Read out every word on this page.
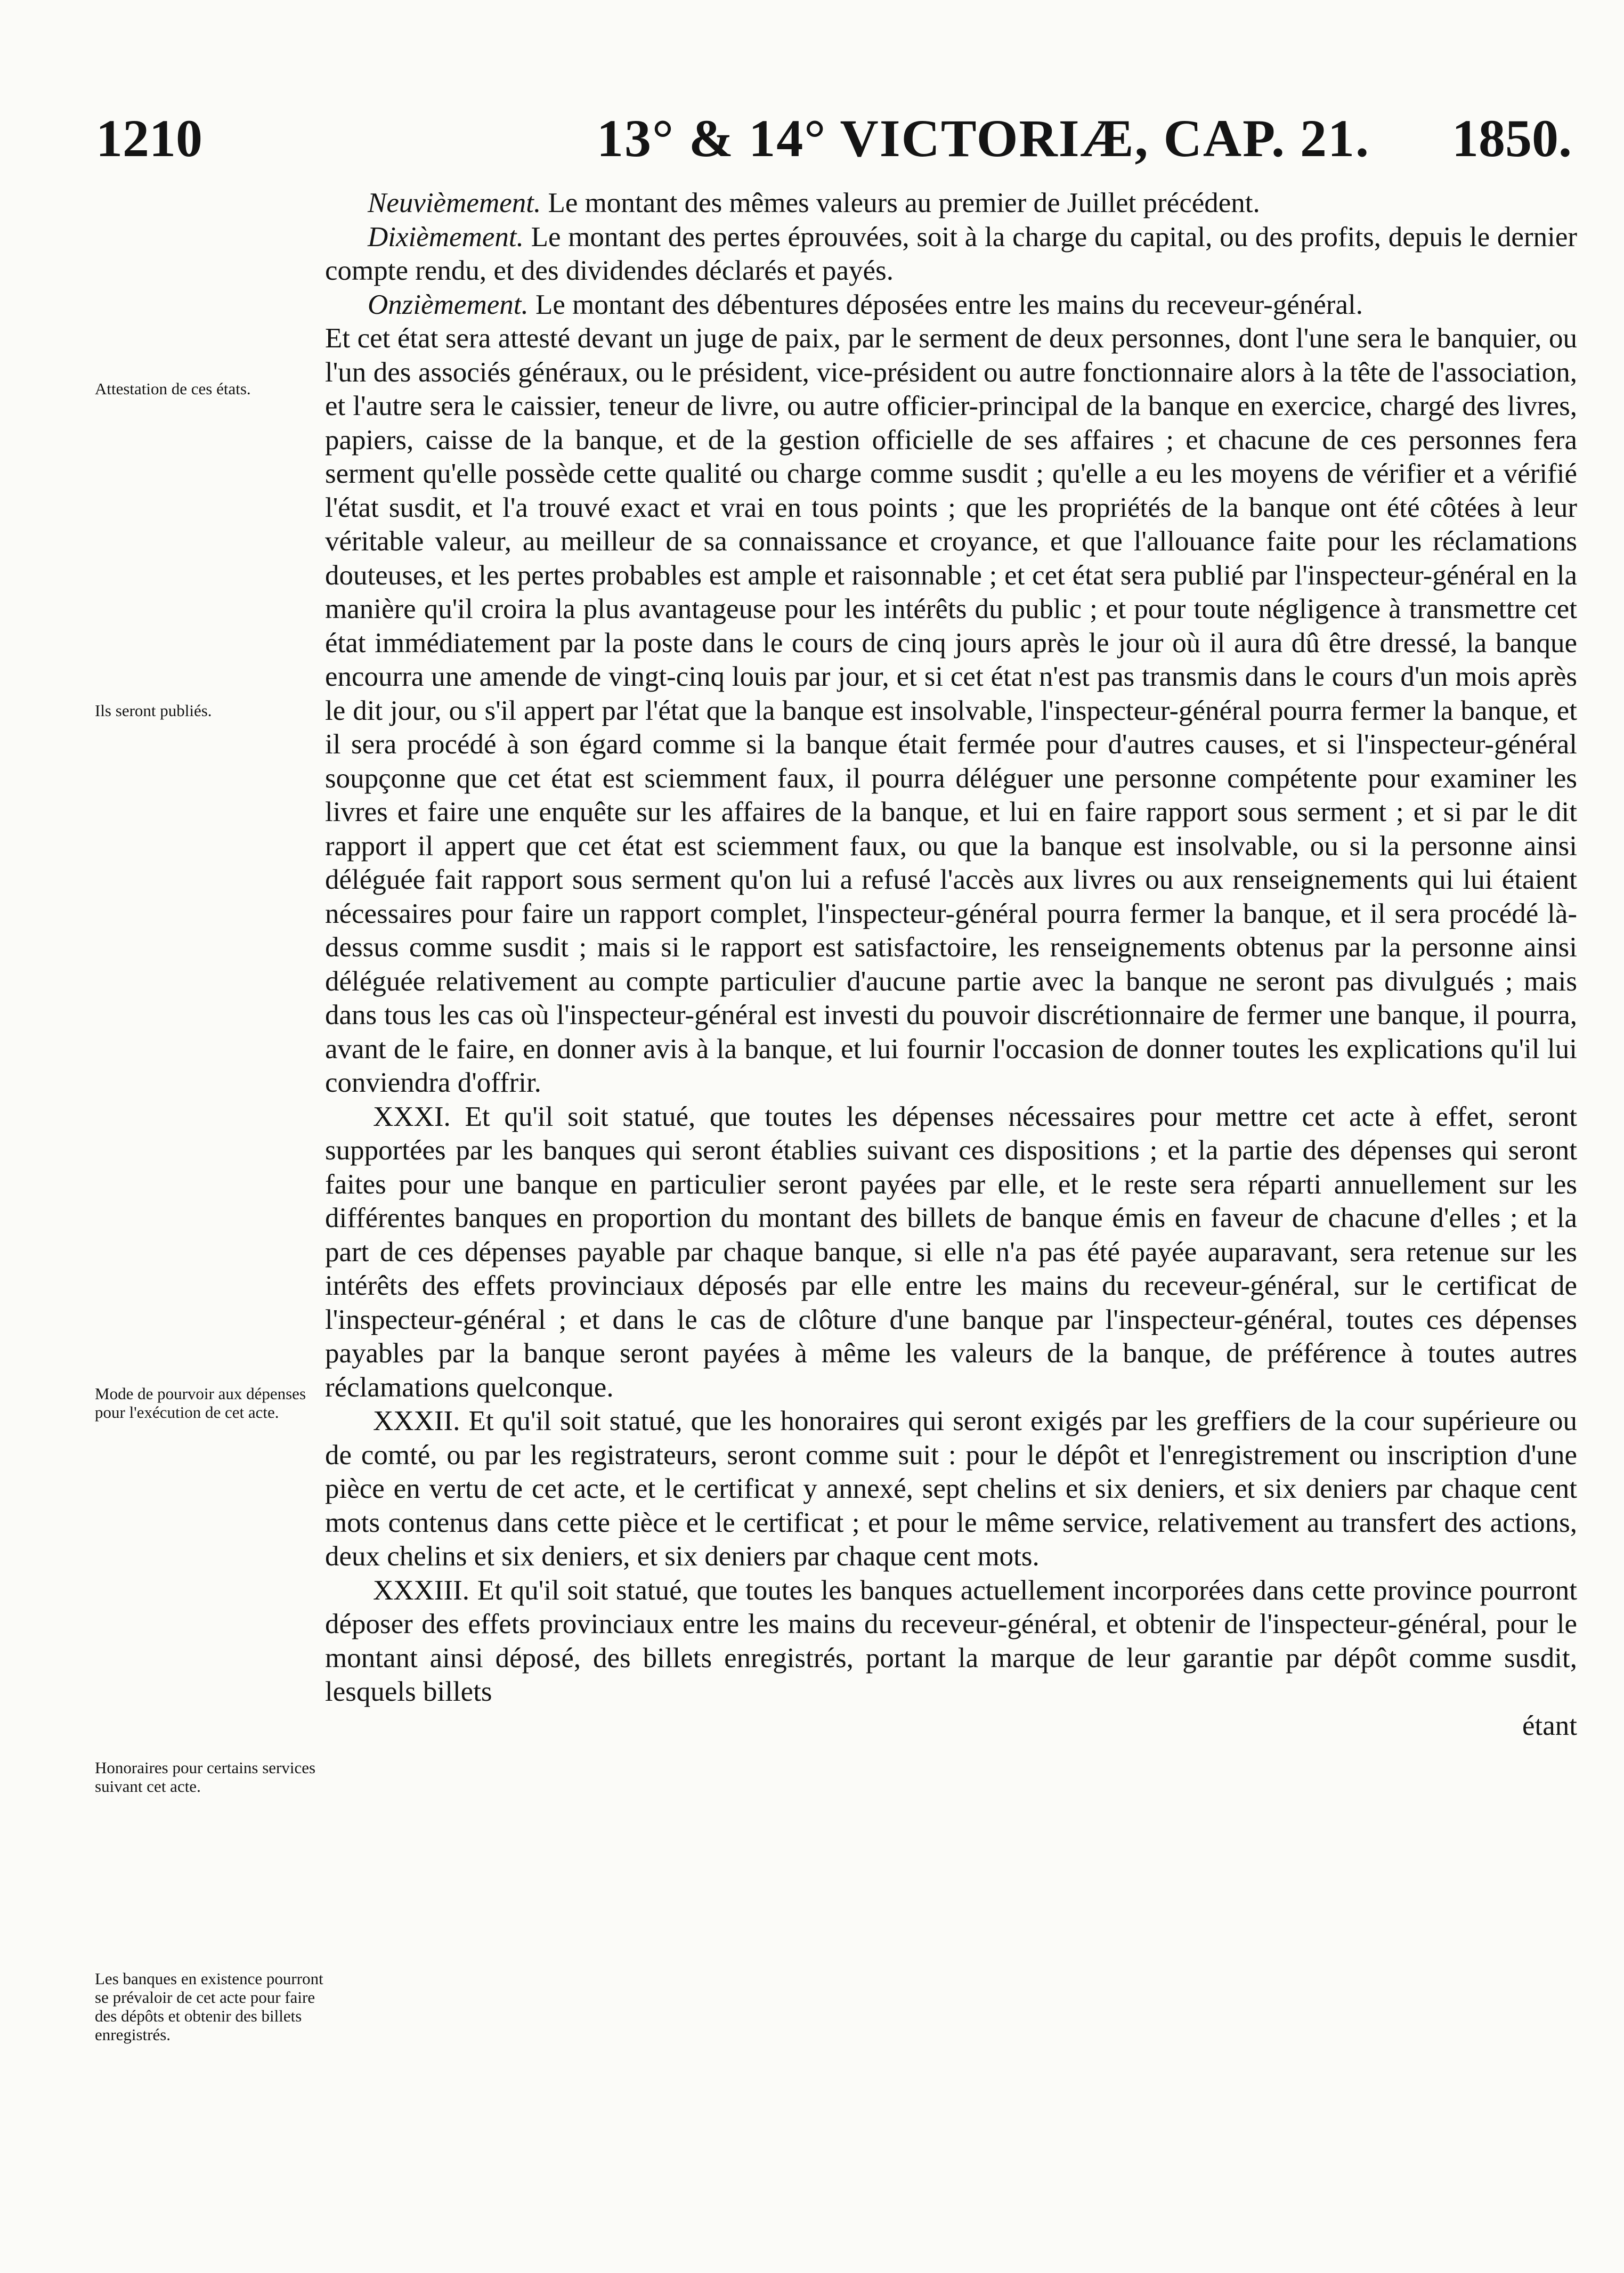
1210	13° & 14° VICTORIÆ, CAP. 21. 1850.

Neuvièmement. Le montant des mêmes valeurs au premier de Juillet précédent.

Dixièmement. Le montant des pertes éprouvées, soit à la charge du capital, ou des profits, depuis le dernier compte rendu, et des dividendes déclarés et payés.

Onzièmement. Le montant des débentures déposées entre les mains du receveur-général.

Et cet état sera attesté devant un juge de paix, par le serment de deux personnes, dont l'une sera le banquier, ou l'un des associés généraux, ou le président, vice-président ou autre fonctionnaire alors à la tête de l'association, et l'autre sera le caissier, teneur de livre, ou autre officier-principal de la banque en exercice, chargé des livres, papiers, caisse de la banque, et de la gestion officielle de ses affaires ; et chacune de ces personnes fera serment qu'elle possède cette qualité ou charge comme susdit ; qu'elle a eu les moyens de vérifier et a vérifié l'état susdit, et l'a trouvé exact et vrai en tous points ; que les propriétés de la banque ont été côtées à leur véritable valeur, au meilleur de sa connaissance et croyance, et que l'allouance faite pour les réclamations douteuses, et les pertes probables est ample et raisonnable ; et cet état sera publié par l'inspecteur-général en la manière qu'il croira la plus avantageuse pour les intérêts du public ; et pour toute négligence à transmettre cet état immédiatement par la poste dans le cours de cinq jours après le jour où il aura dû être dressé, la banque encourra une amende de vingt-cinq louis par jour, et si cet état n'est pas transmis dans le cours d'un mois après le dit jour, ou s'il appert par l'état que la banque est insolvable, l'inspecteur-général pourra fermer la banque, et il sera procédé à son égard comme si la banque était fermée pour d'autres causes, et si l'inspecteur-général soupçonne que cet état est sciemment faux, il pourra déléguer une personne compétente pour examiner les livres et faire une enquête sur les affaires de la banque, et lui en faire rapport sous serment ; et si par le dit rapport il appert que cet état est sciemment faux, ou que la banque est insolvable, ou si la personne ainsi déléguée fait rapport sous serment qu'on lui a refusé l'accès aux livres ou aux renseignements qui lui étaient nécessaires pour faire un rapport complet, l'inspecteur-général pourra fermer la banque, et il sera procédé là-dessus comme susdit ; mais si le rapport est satisfactoire, les renseignements obtenus par la personne ainsi déléguée relativement au compte particulier d'aucune partie avec la banque ne seront pas divulgués ; mais dans tous les cas où l'inspecteur-général est investi du pouvoir discrétionnaire de fermer une banque, il pourra, avant de le faire, en donner avis à la banque, et lui fournir l'occasion de donner toutes les explications qu'il lui conviendra d'offrir.

XXXI. Et qu'il soit statué, que toutes les dépenses nécessaires pour mettre cet acte à effet, seront supportées par les banques qui seront établies suivant ces dispositions ; et la partie des dépenses qui seront faites pour une banque en particulier seront payées par elle, et le reste sera réparti annuellement sur les différentes banques en proportion du montant des billets de banque émis en faveur de chacune d'elles ; et la part de ces dépenses payable par chaque banque, si elle n'a pas été payée auparavant, sera retenue sur les intérêts des effets provinciaux déposés par elle entre les mains du receveur-général, sur le certificat de l'inspecteur-général ; et dans le cas de clôture d'une banque par l'inspecteur-général, toutes ces dépenses payables par la banque seront payées à même les valeurs de la banque, de préférence à toutes autres réclamations quelconque.

XXXII. Et qu'il soit statué, que les honoraires qui seront exigés par les greffiers de la cour supérieure ou de comté, ou par les registrateurs, seront comme suit : pour le dépôt et l'enregistrement ou inscription d'une pièce en vertu de cet acte, et le certificat y annexé, sept chelins et six deniers, et six deniers par chaque cent mots contenus dans cette pièce et le certificat ; et pour le même service, relativement au transfert des actions, deux chelins et six deniers, et six deniers par chaque cent mots.

XXXIII. Et qu'il soit statué, que toutes les banques actuellement incorporées dans cette province pourront déposer des effets provinciaux entre les mains du receveur-général, et obtenir de l'inspecteur-général, pour le montant ainsi déposé, des billets enregistrés, portant la marque de leur garantie par dépôt comme susdit, lesquels billets

étant

Attestation de ces états.
Ils seront publiés.
Mode de pourvoir aux dépenses pour l'exécution de cet acte.
Honoraires pour certains services suivant cet acte.
Les banques en existence pourront se prévaloir de cet acte pour faire des dépôts et obtenir des billets enregistrés.
